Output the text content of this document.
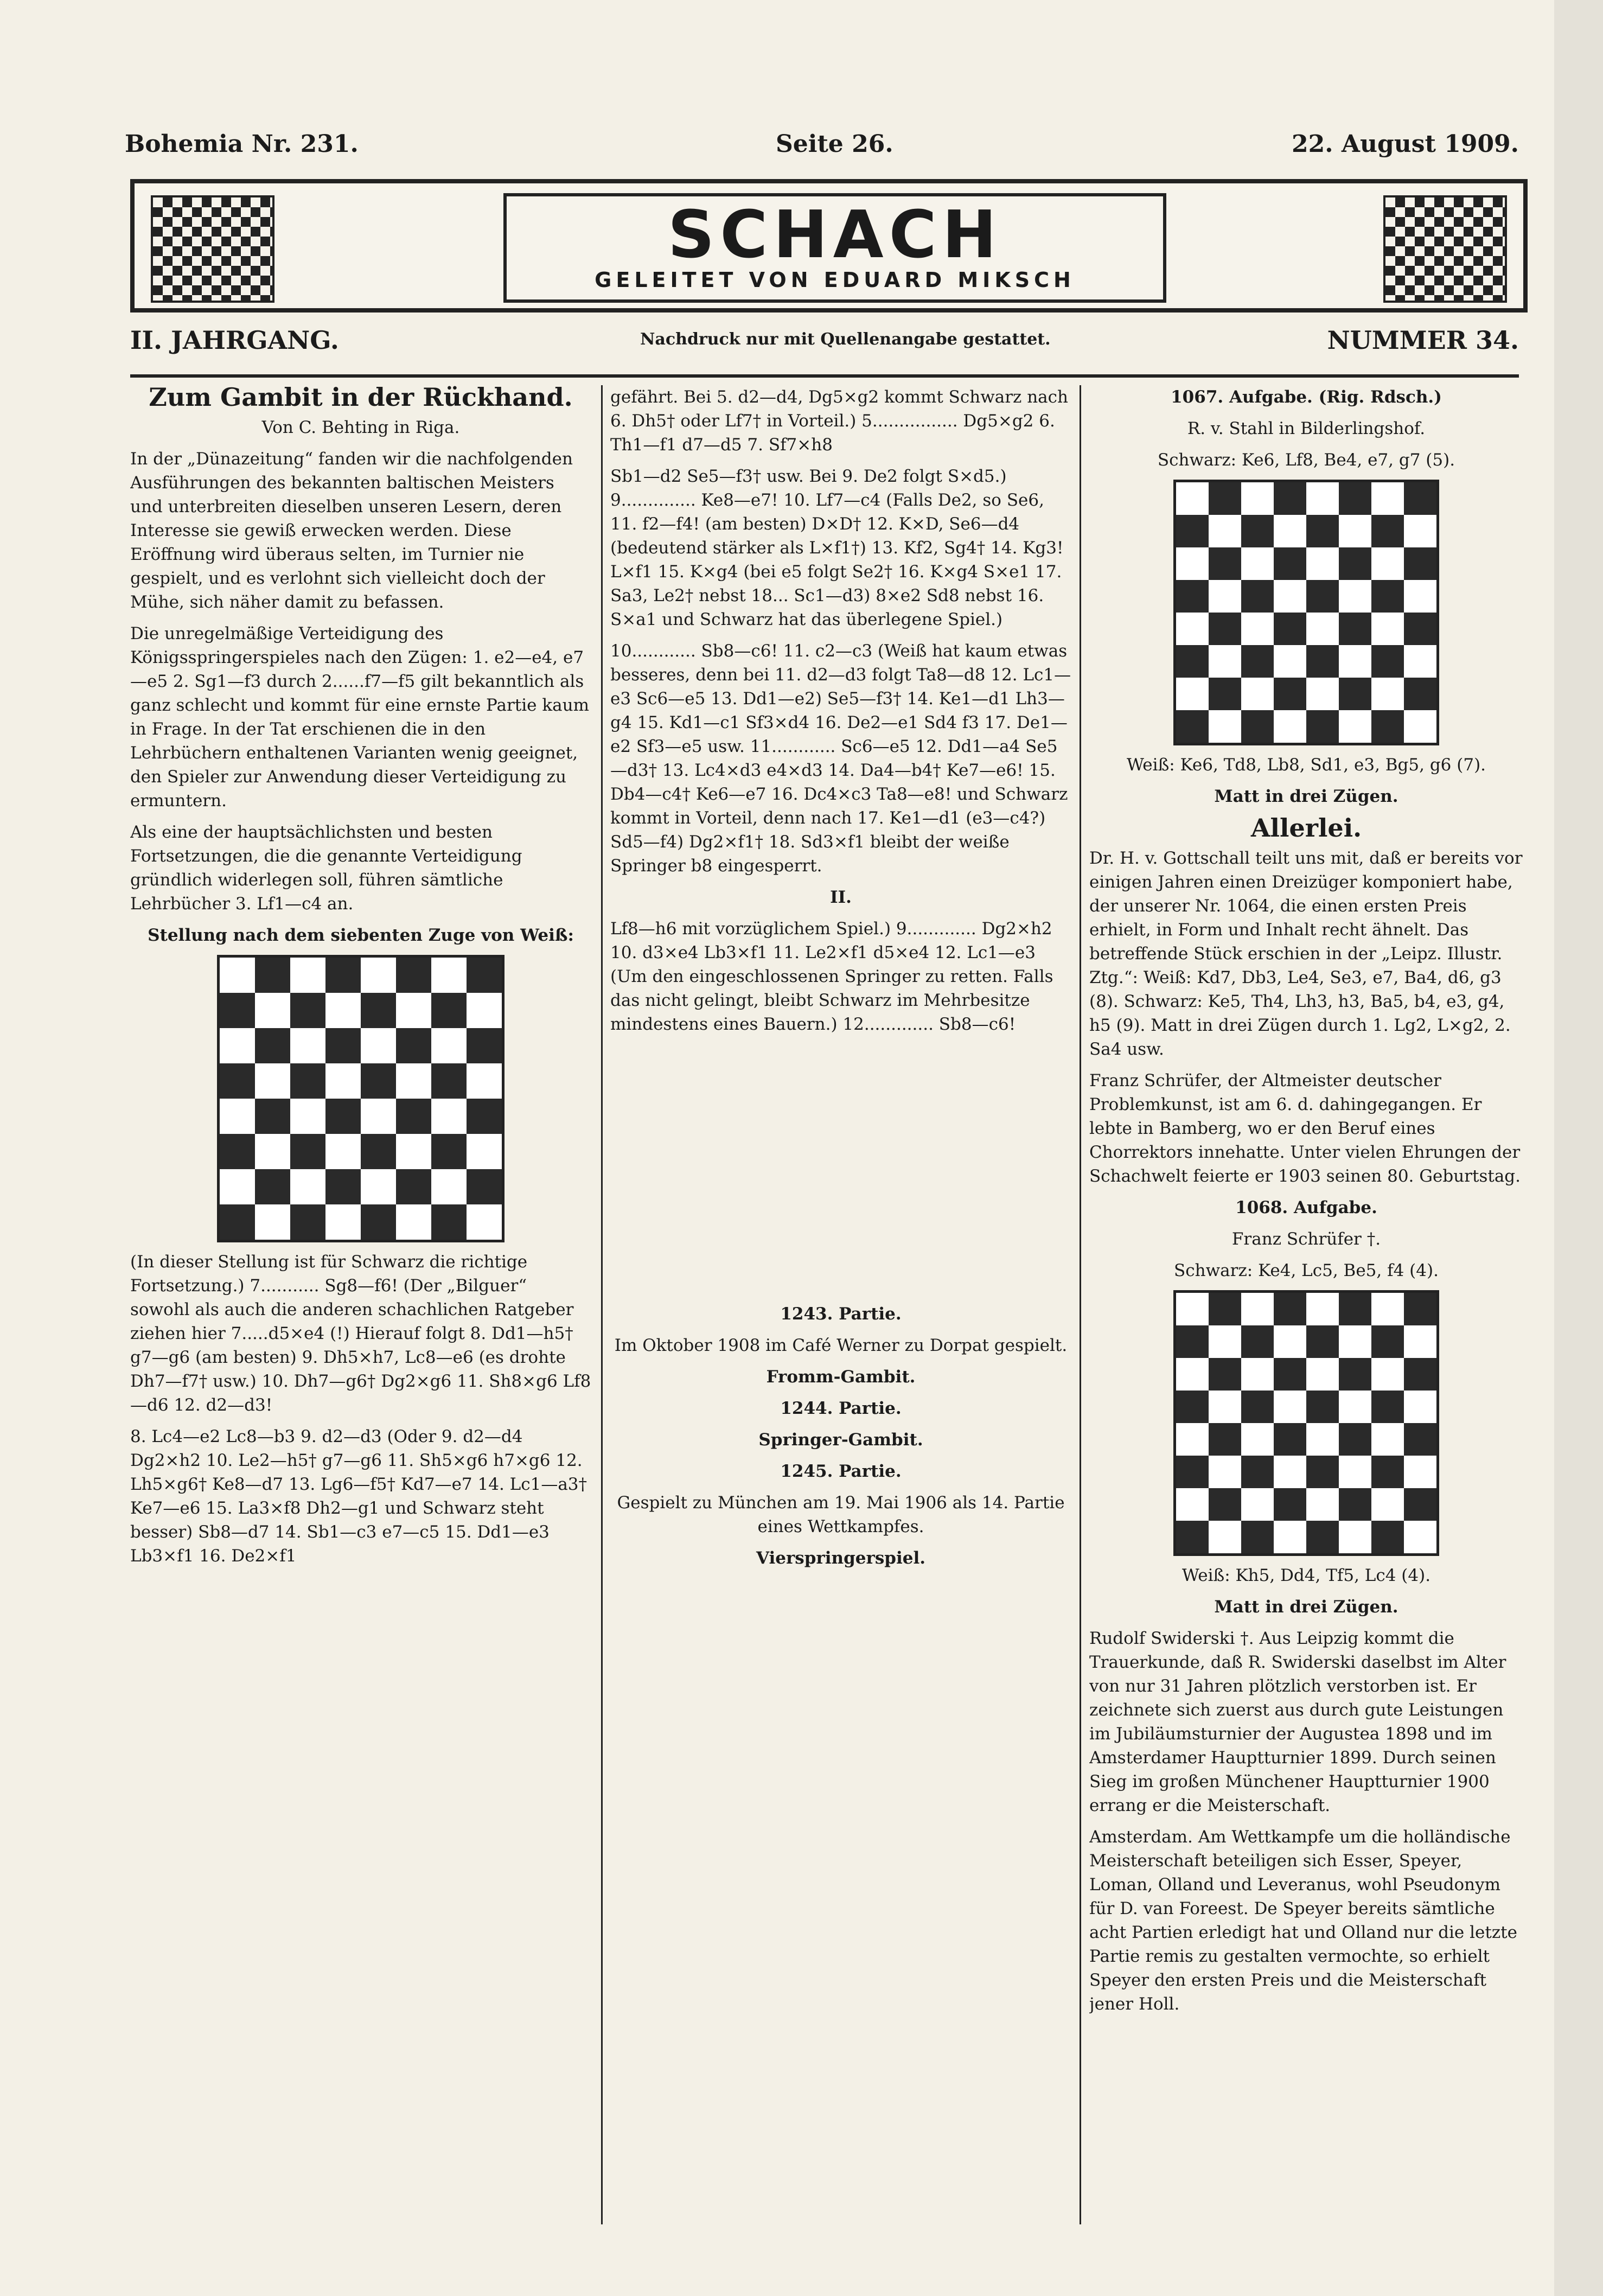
Bohemia Nr. 231.	Seite 26.	22. August 1909.
SCHACH
GELEITET VON EDUARD MIKSCH
II. JAHRGANG.	Nachdruck nur mit Quellenangabe gestattet.	NUMMER 34.
Zum Gambit in der Rückhand.

Von C. Behting in Riga.

In der „Dünazeitung“ fanden wir die nachfolgenden Ausführungen des bekannten baltischen Meisters und unterbreiten dieselben unseren Lesern, deren Interesse sie gewiß erwecken werden. Diese Eröffnung wird überaus selten, im Turnier nie gespielt, und es verlohnt sich vielleicht doch der Mühe, sich näher damit zu befassen.

Die unregelmäßige Verteidigung des Königsspringerspieles nach den Zügen: 1. e2—e4, e7—e5 2. Sg1—f3 durch 2......f7—f5 gilt bekanntlich als ganz schlecht und kommt für eine ernste Partie kaum in Frage. In der Tat erschienen die in den Lehrbüchern enthaltenen Varianten wenig geeignet, den Spieler zur Anwendung dieser Verteidigung zu ermuntern.

Als eine der hauptsächlichsten und besten Fortsetzungen, die die genannte Verteidigung gründlich widerlegen soll, führen sämtliche Lehrbücher 3. Lf1—c4 an.

Stellung nach dem siebenten Zuge von Weiß:

(In dieser Stellung ist für Schwarz die richtige Fortsetzung.) 7........... Sg8—f6! (Der „Bilguer“ sowohl als auch die anderen schachlichen Ratgeber ziehen hier 7.....d5×e4 (!) Hierauf folgt 8. Dd1—h5† g7—g6 (am besten) 9. Dh5×h7, Lc8—e6 (es drohte Dh7—f7† usw.) 10. Dh7—g6† Dg2×g6 11. Sh8×g6 Lf8—d6 12. d2—d3!

8. Lc4—e2 Lc8—b3 9. d2—d3 (Oder 9. d2—d4 Dg2×h2 10. Le2—h5† g7—g6 11. Sh5×g6 h7×g6 12. Lh5×g6† Ke8—d7 13. Lg6—f5† Kd7—e7 14. Lc1—a3† Ke7—e6 15. La3×f8 Dh2—g1 und Schwarz steht besser) Sb8—d7 14. Sb1—c3 e7—c5 15. Dd1—e3 Lb3×f1 16. De2×f1

gefährt. Bei 5. d2—d4, Dg5×g2 kommt Schwarz nach 6. Dh5† oder Lf7† in Vorteil.) 5................ Dg5×g2 6. Th1—f1 d7—d5 7. Sf7×h8

Sb1—d2 Se5—f3† usw. Bei 9. De2 folgt S×d5.) 9.............. Ke8—e7! 10. Lf7—c4 (Falls De2, so Se6, 11. f2—f4! (am besten) D×D† 12. K×D, Se6—d4 (bedeutend stärker als L×f1†) 13. Kf2, Sg4† 14. Kg3! L×f1 15. K×g4 (bei e5 folgt Se2† 16. K×g4 S×e1 17. Sa3, Le2† nebst 18... Sc1—d3) 8×e2 Sd8 nebst 16. S×a1 und Schwarz hat das überlegene Spiel.)

10............ Sb8—c6! 11. c2—c3 (Weiß hat kaum etwas besseres, denn bei 11. d2—d3 folgt Ta8—d8 12. Lc1—e3 Sc6—e5 13. Dd1—e2) Se5—f3† 14. Ke1—d1 Lh3—g4 15. Kd1—c1 Sf3×d4 16. De2—e1 Sd4 f3 17. De1—e2 Sf3—e5 usw. 11............ Sc6—e5 12. Dd1—a4 Se5—d3† 13. Lc4×d3 e4×d3 14. Da4—b4† Ke7—e6! 15. Db4—c4† Ke6—e7 16. Dc4×c3 Ta8—e8! und Schwarz kommt in Vorteil, denn nach 17. Ke1—d1 (e3—c4?) Sd5—f4) Dg2×f1† 18. Sd3×f1 bleibt der weiße Springer b8 eingesperrt.

II.

Lf8—h6 mit vorzüglichem Spiel.) 9............. Dg2×h2 10. d3×e4 Lb3×f1 11. Le2×f1 d5×e4 12. Lc1—e3 (Um den eingeschlossenen Springer zu retten. Falls das nicht gelingt, bleibt Schwarz im Mehrbesitze mindestens eines Bauern.) 12............. Sb8—c6!

1243. Partie.

Im Oktober 1908 im Café Werner zu Dorpat gespielt.

Fromm-Gambit.

1244. Partie.

Springer-Gambit.

1245. Partie.

Gespielt zu München am 19. Mai 1906 als 14. Partie eines Wettkampfes.

Vierspringerspiel.

1067. Aufgabe. (Rig. Rdsch.)

R. v. Stahl in Bilderlingshof.

Schwarz: Ke6, Lf8, Be4, e7, g7 (5).

Weiß: Ke6, Td8, Lb8, Sd1, e3, Bg5, g6 (7).

Matt in drei Zügen.

Allerlei.

Dr. H. v. Gottschall teilt uns mit, daß er bereits vor einigen Jahren einen Dreizüger komponiert habe, der unserer Nr. 1064, die einen ersten Preis erhielt, in Form und Inhalt recht ähnelt. Das betreffende Stück erschien in der „Leipz. Illustr. Ztg.“: Weiß: Kd7, Db3, Le4, Se3, e7, Ba4, d6, g3 (8). Schwarz: Ke5, Th4, Lh3, h3, Ba5, b4, e3, g4, h5 (9). Matt in drei Zügen durch 1. Lg2, L×g2, 2. Sa4 usw.

Franz Schrüfer, der Altmeister deutscher Problemkunst, ist am 6. d. dahingegangen. Er lebte in Bamberg, wo er den Beruf eines Chorrektors innehatte. Unter vielen Ehrungen der Schachwelt feierte er 1903 seinen 80. Geburtstag.

1068. Aufgabe.

Franz Schrüfer †.

Schwarz: Ke4, Lc5, Be5, f4 (4).

Weiß: Kh5, Dd4, Tf5, Lc4 (4).

Matt in drei Zügen.

Rudolf Swiderski †. Aus Leipzig kommt die Trauerkunde, daß R. Swiderski daselbst im Alter von nur 31 Jahren plötzlich verstorben ist. Er zeichnete sich zuerst aus durch gute Leistungen im Jubiläumsturnier der Augustea 1898 und im Amsterdamer Hauptturnier 1899. Durch seinen Sieg im großen Münchener Hauptturnier 1900 errang er die Meisterschaft.

Amsterdam. Am Wettkampfe um die holländische Meisterschaft beteiligen sich Esser, Speyer, Loman, Olland und Leveranus, wohl Pseudonym für D. van Foreest. De Speyer bereits sämtliche acht Partien erledigt hat und Olland nur die letzte Partie remis zu gestalten vermochte, so erhielt Speyer den ersten Preis und die Meisterschaft jener Holl.
